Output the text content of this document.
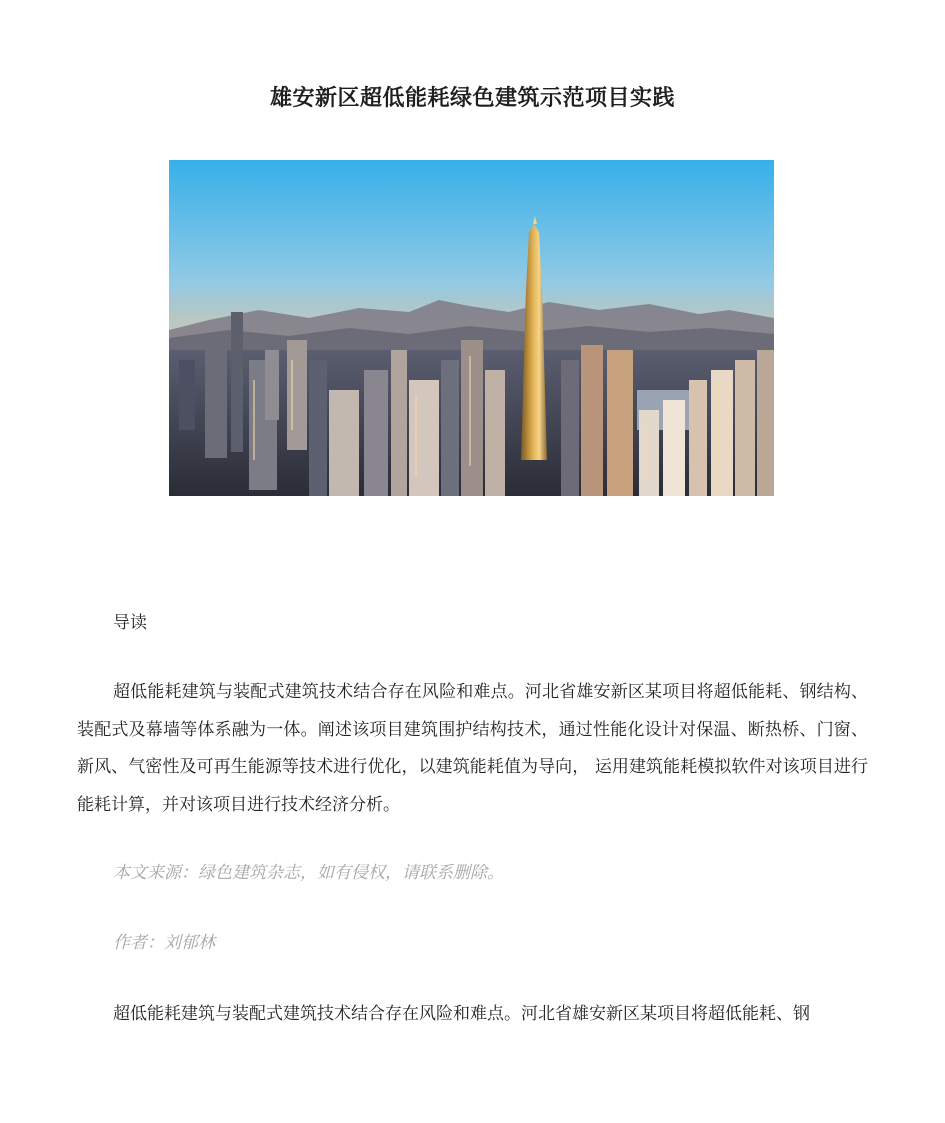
雄安新区超低能耗绿色建筑示范项目实践

导读

超低能耗建筑与装配式建筑技术结合存在风险和难点。河北省雄安新区某项目将超低能耗、钢结构、装配式及幕墙等体系融为一体。阐述该项目建筑围护结构技术，通过性能化设计对保温、断热桥、门窗、新风、气密性及可再生能源等技术进行优化，以建筑能耗值为导向， 运用建筑能耗模拟软件对该项目进行能耗计算，并对该项目进行技术经济分析。

本文来源：绿色建筑杂志，如有侵权，请联系删除。

作者：刘郁林

超低能耗建筑与装配式建筑技术结合存在风险和难点。河北省雄安新区某项目将超低能耗、钢
